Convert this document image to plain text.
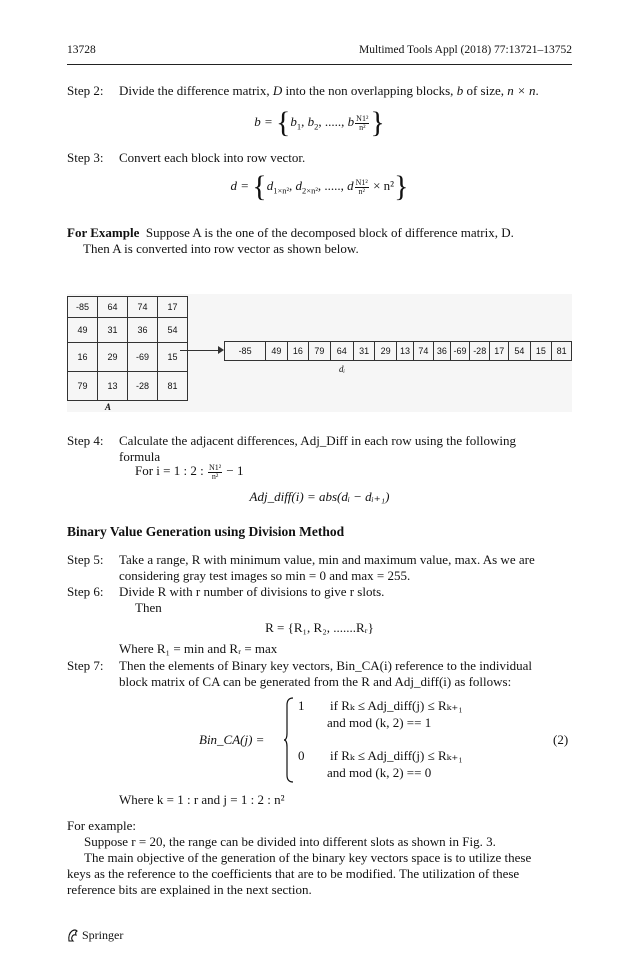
13728	Multimed Tools Appl (2018) 77:13721–13752
Step 2: Divide the difference matrix, D into the non overlapping blocks, b of size, n × n.
$b = \{b_1$, $b_2$, ....., b $\frac{\text{N1²}}{\text{n²}}$ }
Step 3: Convert each block into row vector.
$d = \{d_{1\times n^2}$, $d_{2\times n^2}$, ....., d $\frac{\text{N1²}}{\text{n²}} \times n^2$}
For Example Suppose A is the one of the decomposed block of difference matrix, D.
Then A is converted into row vector as shown below.
-85	64	74	17
49	31	36	54
16	29	-69	15
79	13	-28	81
A
-85	49	16	79	64	31	29	13	74	36	-69	-28	17	54	15	81
dᵢ
Step 4: Calculate the adjacent differences, Adj_Diff in each row using the following
formula
For i = 1 : 2 : $\frac{\text{N1²}}{\text{n²}} - 1$
Adj_diff(i) = abs(dᵢ − dᵢ₊₁)
Binary Value Generation using Division Method
Step 5: Take a range, R with minimum value, min and maximum value, max. As we are
considering gray test images so min = 0 and max = 255.
Step 6: Divide R with r number of divisions to give r slots.
Then
R = {R₁, R₂, .......Rᵣ}
Where R₁ = min and Rᵣ = max
Step 7: Then the elements of Binary key vectors, Bin_CA(i) reference to the individual
block matrix of CA can be generated from the R and Adj_diff(i) as follows:
Bin_CA(j) =
1 if Rₖ ≤ Adj_diff(j) ≤ Rₖ₊₁
and mod (k, 2) == 1
0 if Rₖ ≤ Adj_diff(j) ≤ Rₖ₊₁
and mod (k, 2) == 0
(2)
Where k = 1 : r and j = 1 : 2 : n²
For example:
Suppose r = 20, the range can be divided into different slots as shown in Fig. 3.
The main objective of the generation of the binary key vectors space is to utilize these
keys as the reference to the coefficients that are to be modified. The utilization of these
reference bits are explained in the next section.
Springer
